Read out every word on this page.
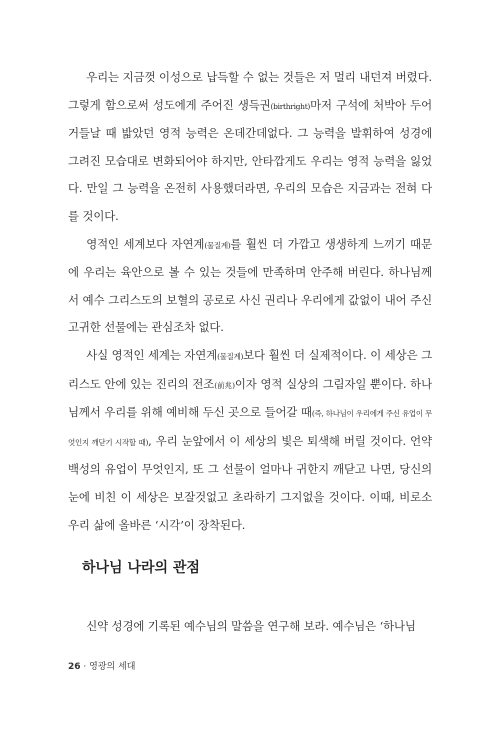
우리는 지금껏 이성으로 납득할 수 없는 것들은 저 멀리 내던져 버렸다. 그렇게 함으로써 성도에게 주어진 생득권(birthright)마저 구석에 처박아 두어 거들날 때 밟았던 영적 능력은 온데간데없다. 그 능력을 발휘하여 성경에 그려진 모습대로 변화되어야 하지만, 안타깝게도 우리는 영적 능력을 잃었다. 만일 그 능력을 온전히 사용했더라면, 우리의 모습은 지금과는 전혀 다를 것이다.

영적인 세계보다 자연계(물질계)를 훨씬 더 가깝고 생생하게 느끼기 때문에 우리는 육안으로 볼 수 있는 것들에 만족하며 안주해 버린다. 하나님께서 예수 그리스도의 보혈의 공로로 사신 권리나 우리에게 값없이 내어 주신 고귀한 선물에는 관심조차 없다.

사실 영적인 세계는 자연계(물질계)보다 훨씬 더 실제적이다. 이 세상은 그리스도 안에 있는 진리의 전조(前兆)이자 영적 실상의 그림자일 뿐이다. 하나님께서 우리를 위해 예비해 두신 곳으로 들어갈 때(즉, 하나님이 우리에게 주신 유업이 무엇인지 깨닫기 시작할 때), 우리 눈앞에서 이 세상의 빛은 퇴색해 버릴 것이다. 언약 백성의 유업이 무엇인지, 또 그 선물이 얼마나 귀한지 깨닫고 나면, 당신의 눈에 비친 이 세상은 보잘것없고 초라하기 그지없을 것이다. 이때, 비로소 우리 삶에 올바른 ‘시각’이 장착된다.

하나님 나라의 관점

신약 성경에 기록된 예수님의 말씀을 연구해 보라. 예수님은 ‘하나님

26 · 영광의 세대
